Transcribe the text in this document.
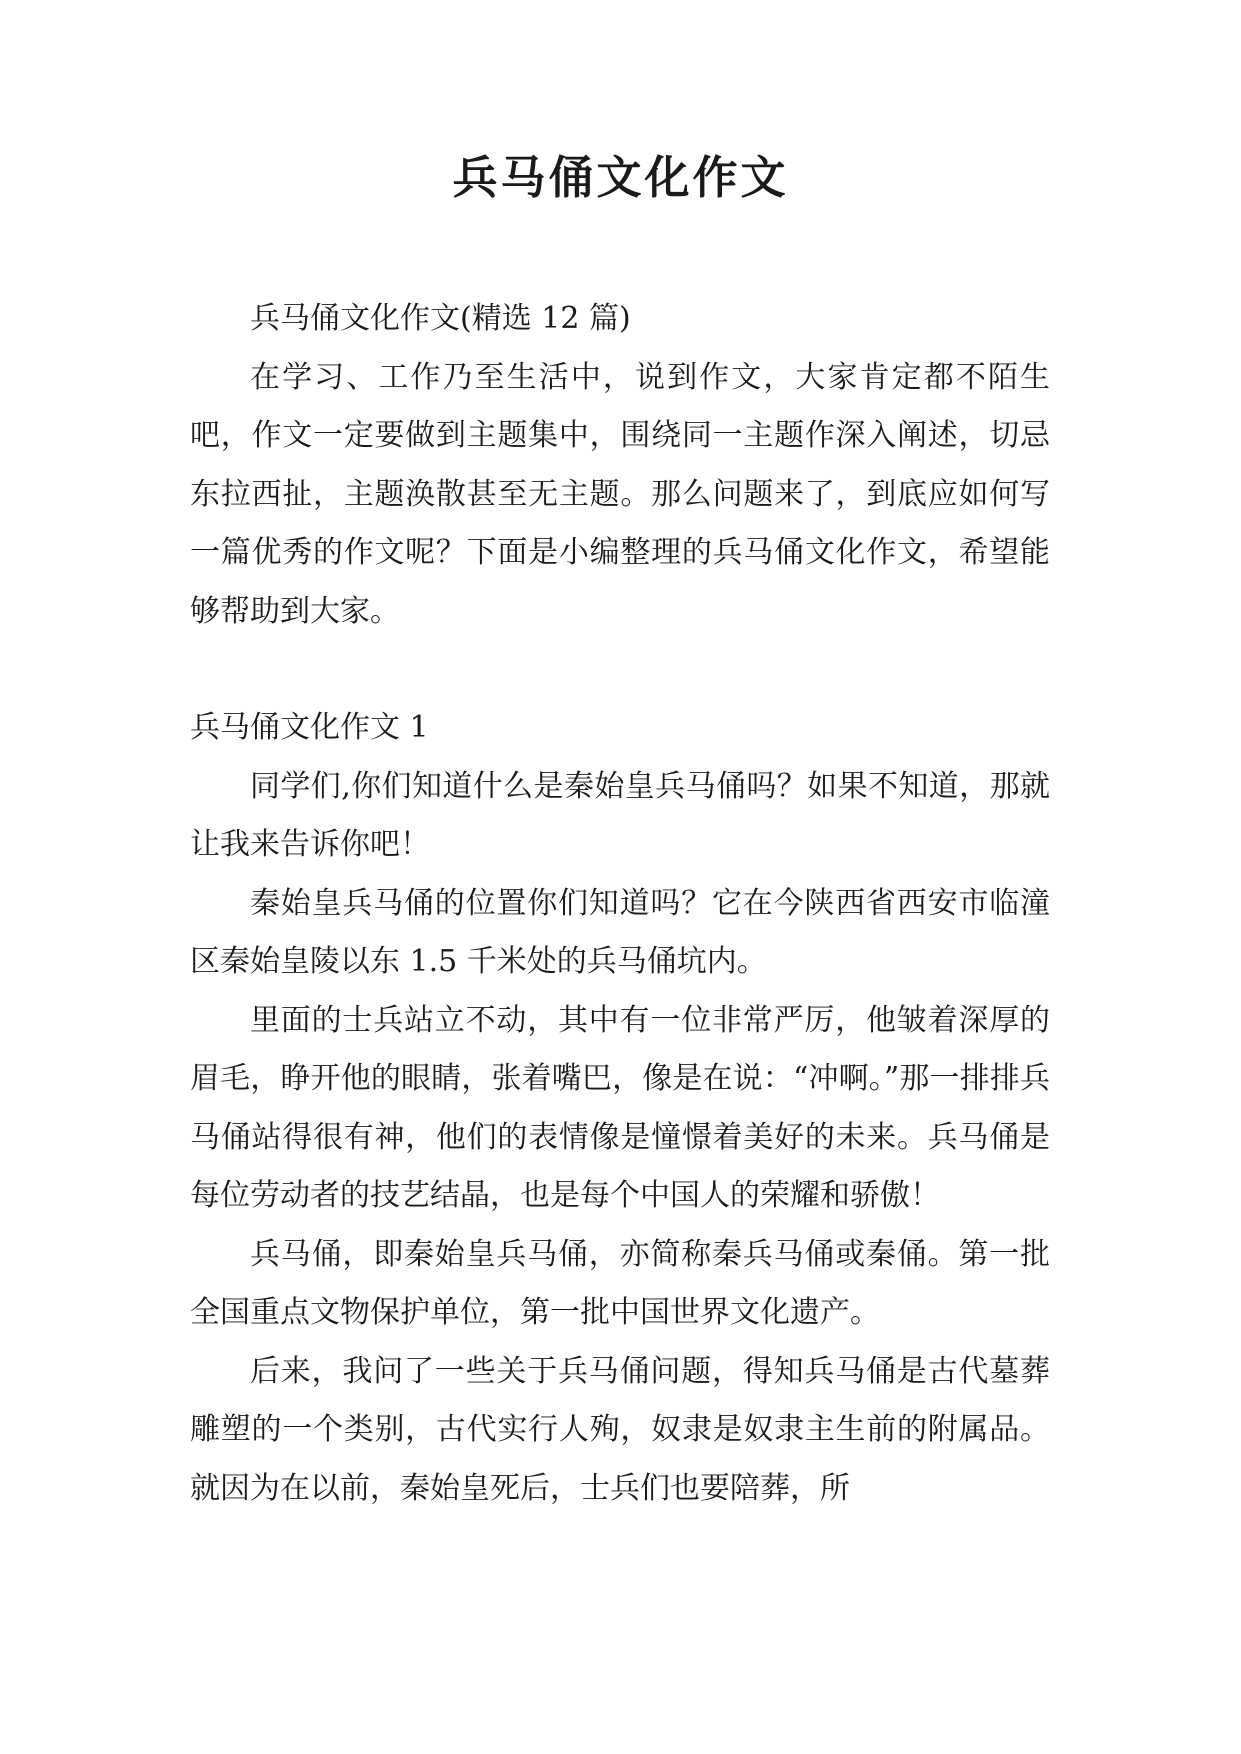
兵马俑文化作文

兵马俑文化作文(精选 12 篇)

在学习、工作乃至生活中，说到作文，大家肯定都不陌生吧，作文一定要做到主题集中，围绕同一主题作深入阐述，切忌东拉西扯，主题涣散甚至无主题。那么问题来了，到底应如何写一篇优秀的作文呢？下面是小编整理的兵马俑文化作文，希望能够帮助到大家。

兵马俑文化作文 1

同学们,你们知道什么是秦始皇兵马俑吗？如果不知道，那就让我来告诉你吧！

秦始皇兵马俑的位置你们知道吗？它在今陕西省西安市临潼区秦始皇陵以东 1.5 千米处的兵马俑坑内。

里面的士兵站立不动，其中有一位非常严厉，他皱着深厚的眉毛，睁开他的眼睛，张着嘴巴，像是在说：“冲啊。”那一排排兵马俑站得很有神，他们的表情像是憧憬着美好的未来。兵马俑是每位劳动者的技艺结晶，也是每个中国人的荣耀和骄傲！

兵马俑，即秦始皇兵马俑，亦简称秦兵马俑或秦俑。第一批全国重点文物保护单位，第一批中国世界文化遗产。

后来，我问了一些关于兵马俑问题，得知兵马俑是古代墓葬雕塑的一个类别，古代实行人殉，奴隶是奴隶主生前的附属品。就因为在以前，秦始皇死后，士兵们也要陪葬，所
